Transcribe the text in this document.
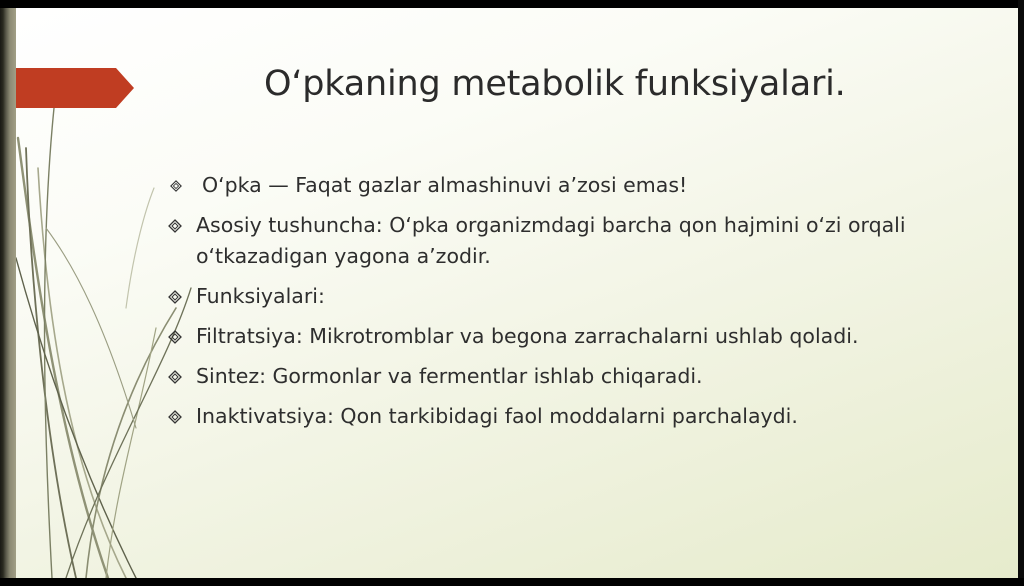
O‘pkaning metabolik funksiyalari.
O‘pka — Faqat gazlar almashinuvi a’zosi emas!
Asosiy tushuncha: O‘pka organizmdagi barcha qon hajmini o‘zi orqali o‘tkazadigan yagona a’zodir.
Funksiyalari:
Filtratsiya: Mikrotromblar va begona zarrachalarni ushlab qoladi.
Sintez: Gormonlar va fermentlar ishlab chiqaradi.
Inaktivatsiya: Qon tarkibidagi faol moddalarni parchalaydi.
